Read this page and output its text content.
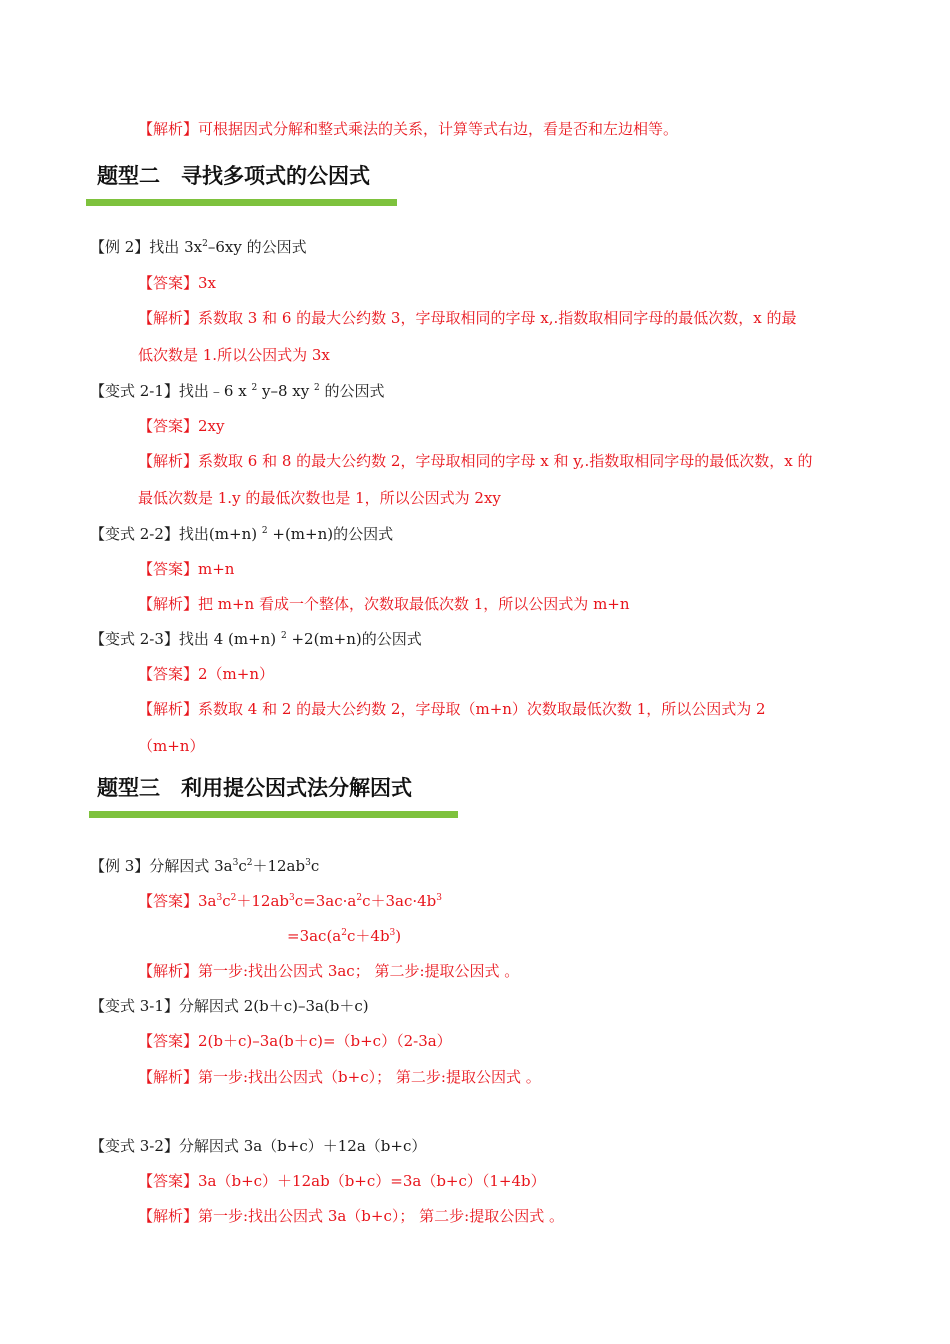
【解析】可根据因式分解和整式乘法的关系，计算等式右边，看是否和左边相等。
题型二　寻找多项式的公因式
【例 2】找出 $3x^2-6xy$ 的公因式
【答案】3x
【解析】系数取 3 和 6 的最大公约数 3，字母取相同的字母 x,.指数取相同字母的最低次数，x 的最
低次数是 1.所以公因式为 3x
【变式 2-1】找出﹣6 x $^2$ y–8 xy $^2$ 的公因式
【答案】2xy
【解析】系数取 6 和 8 的最大公约数 2，字母取相同的字母 x 和 y,.指数取相同字母的最低次数，x 的
最低次数是 1.y 的最低次数也是 1，所以公因式为 2xy
【变式 2-2】找出(m+n) $^2$ +(m+n)的公因式
【答案】m+n
【解析】把 m+n 看成一个整体，次数取最低次数 1，所以公因式为 m+n
【变式 2-3】找出 4 (m+n) $^2$ +2(m+n)的公因式
【答案】2（m+n）
【解析】系数取 4 和 2 的最大公约数 2，字母取（m+n）次数取最低次数 1，所以公因式为 2
（m+n）
题型三　利用提公因式法分解因式
【例 3】分解因式 $3a^3c^2+12ab^3c$
【答案】$3a^3c^2+12ab^3c=3ac\cdot a^2c+3ac\cdot 4b^3$
$=3ac(a^2c+4b^3)$
【解析】第一步:找出公因式 3ac； 第二步:提取公因式 。
【变式 3-1】分解因式 2(b＋c)–3a(b＋c)
【答案】2(b＋c)–3a(b＋c)=（b+c）（2-3a）
【解析】第一步:找出公因式（b+c）； 第二步:提取公因式 。
【变式 3-2】分解因式 3a（b+c）＋12a（b+c）
【答案】3a（b+c）＋12ab（b+c）=3a（b+c）（1+4b）
【解析】第一步:找出公因式 3a（b+c）； 第二步:提取公因式 。
